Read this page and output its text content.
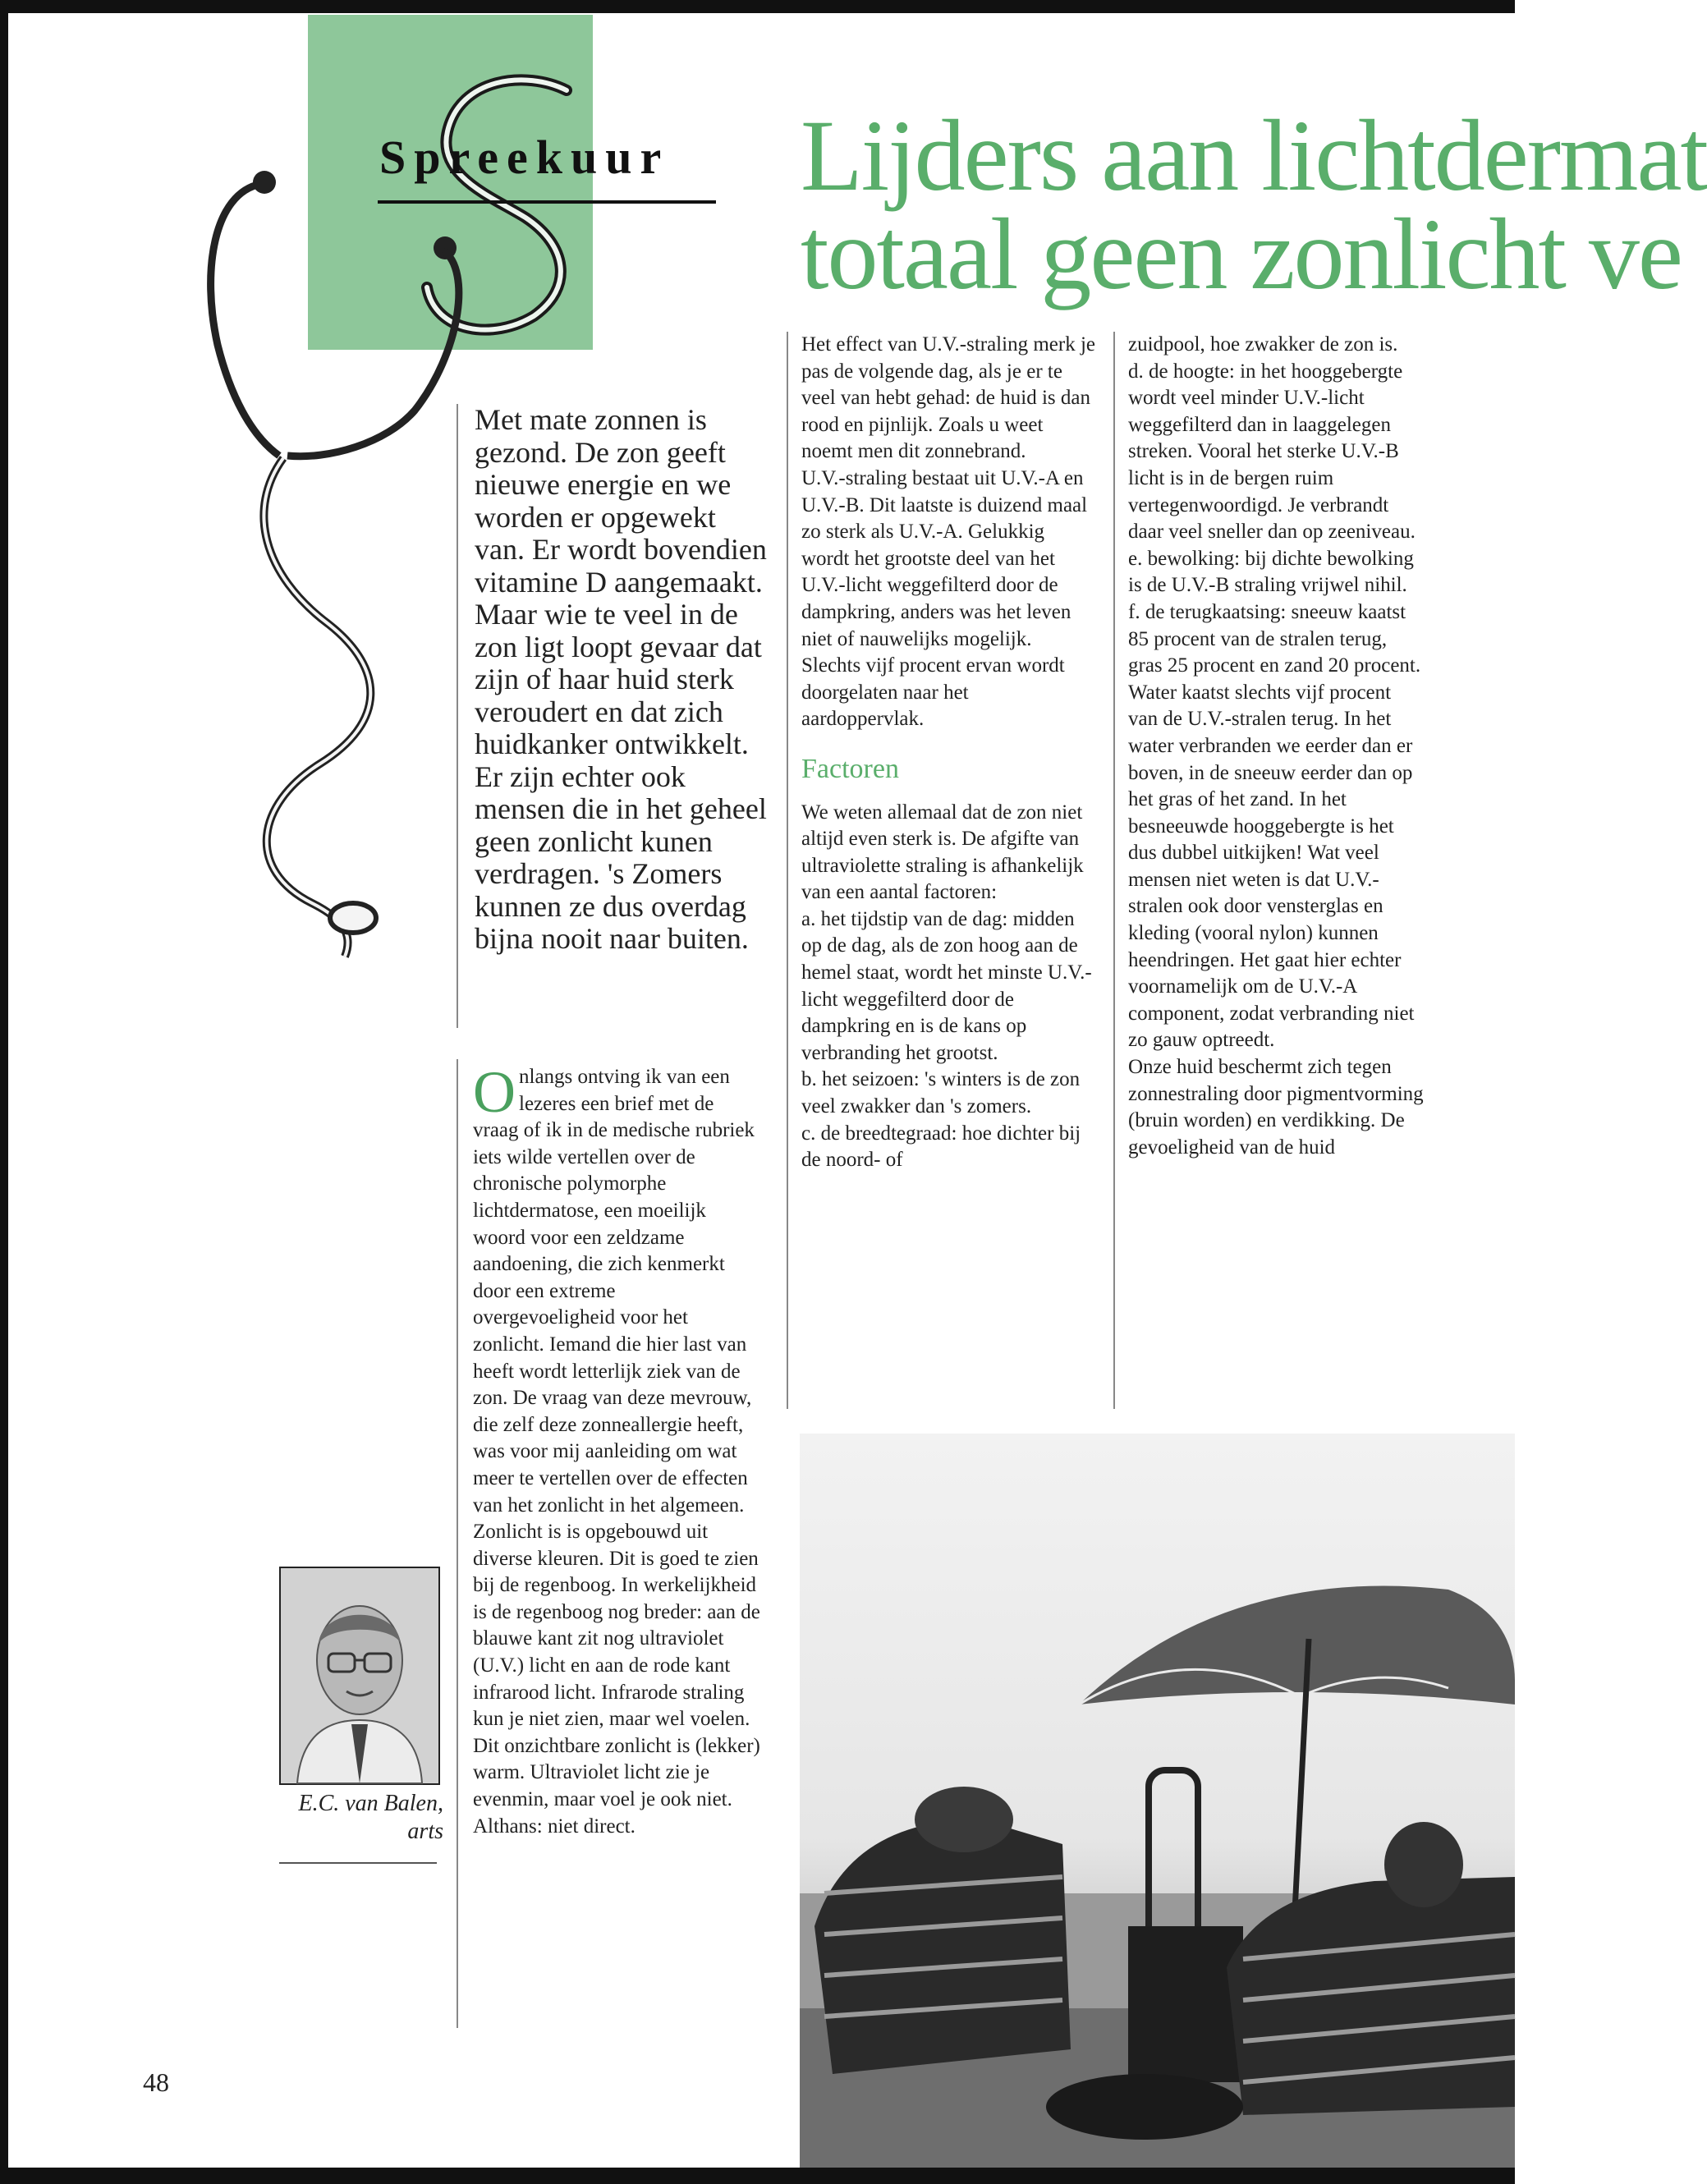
Spreekuur Lijders aan lichtdermat
totaal geen zonlicht ve
Met mate zonnen is gezond. De zon geeft nieuwe energie en we worden er opgewekt van. Er wordt bovendien vitamine D aangemaakt. Maar wie te veel in de zon ligt loopt gevaar dat zijn of haar huid sterk veroudert en dat zich huidkanker ontwikkelt. Er zijn echter ook mensen die in het geheel geen zonlicht kunen verdragen. 's Zomers kunnen ze dus overdag bijna nooit naar buiten.

Onlangs ontving ik van een lezeres een brief met de vraag of ik in de medische rubriek iets wilde vertellen over de chronische polymorphe lichtdermatose, een moeilijk woord voor een zeldzame aandoening, die zich kenmerkt door een extreme overgevoeligheid voor het zonlicht. Iemand die hier last van heeft wordt letterlijk ziek van de zon. De vraag van deze mevrouw, die zelf deze zonneallergie heeft, was voor mij aanleiding om wat meer te vertellen over de effecten van het zonlicht in het algemeen.

Zonlicht is is opgebouwd uit diverse kleuren. Dit is goed te zien bij de regenboog. In werkelijkheid is de regenboog nog breder: aan de blauwe kant zit nog ultraviolet (U.V.) licht en aan de rode kant infrarood licht. Infrarode straling kun je niet zien, maar wel voelen. Dit onzichtbare zonlicht is (lekker) warm. Ultraviolet licht zie je evenmin, maar voel je ook niet. Althans: niet direct.

Het effect van U.V.-straling merk je pas de volgende dag, als je er te veel van hebt gehad: de huid is dan rood en pijnlijk. Zoals u weet noemt men dit zonnebrand.

U.V.-straling bestaat uit U.V.-A en U.V.-B. Dit laatste is duizend maal zo sterk als U.V.-A. Gelukkig wordt het grootste deel van het U.V.-licht weggefilterd door de dampkring, anders was het leven niet of nauwelijks mogelijk. Slechts vijf procent ervan wordt doorgelaten naar het aardoppervlak.

Factoren

We weten allemaal dat de zon niet altijd even sterk is. De afgifte van ultraviolette straling is afhankelijk van een aantal factoren:

a. het tijdstip van de dag: midden op de dag, als de zon hoog aan de hemel staat, wordt het minste U.V.-licht weggefilterd door de dampkring en is de kans op verbranding het grootst.

b. het seizoen: 's winters is de zon veel zwakker dan 's zomers.

c. de breedtegraad: hoe dichter bij de noord- of

zuidpool, hoe zwakker de zon is.

d. de hoogte: in het hooggebergte wordt veel minder U.V.-licht weggefilterd dan in laaggelegen streken. Vooral het sterke U.V.-B licht is in de bergen ruim vertegenwoordigd. Je verbrandt daar veel sneller dan op zeeniveau.

e. bewolking: bij dichte bewolking is de U.V.-B straling vrijwel nihil.

f. de terugkaatsing: sneeuw kaatst 85 procent van de stralen terug, gras 25 procent en zand 20 procent. Water kaatst slechts vijf procent van de U.V.-stralen terug. In het water verbranden we eerder dan er boven, in de sneeuw eerder dan op het gras of het zand. In het besneeuwde hooggebergte is het dus dubbel uitkijken! Wat veel mensen niet weten is dat U.V.-stralen ook door vensterglas en kleding (vooral nylon) kunnen heendringen. Het gaat hier echter voornamelijk om de U.V.-A component, zodat verbranding niet zo gauw optreedt.

Onze huid beschermt zich tegen zonnestraling door pigmentvorming (bruin worden) en verdikking. De gevoeligheid van de huid

E.C. van Balen,
arts
48
